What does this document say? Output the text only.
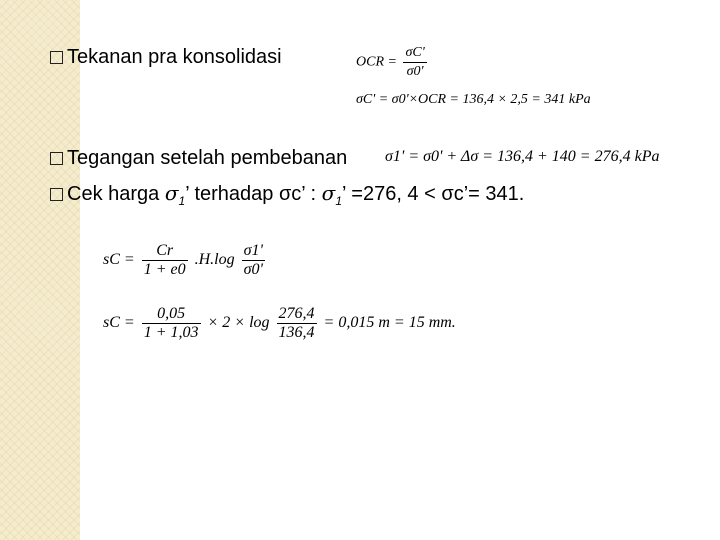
Tekanan pra konsolidasi
Tegangan setelah pembebanan
Cek harga $\sigma_1$’ terhadap σc’ : $\sigma_1$’ =276, 4 < σc’= 341.
OCR = $\frac{\sigma C'}{\sigma 0'}$
σC' = σ0'×OCR = 136,4 × 2,5 = 341 kPa
σ1' = σ0' + Δσ = 136,4 + 140 = 276,4 kPa
sC = $\frac{Cr}{1 + e0} .H.\log \frac{\sigma 1'}{\sigma 0'}$
sC = $\frac{0,05}{1 + 1,03} \times 2 \times \log \frac{276,4}{136,4} = 0,015$ m = 15 mm.
